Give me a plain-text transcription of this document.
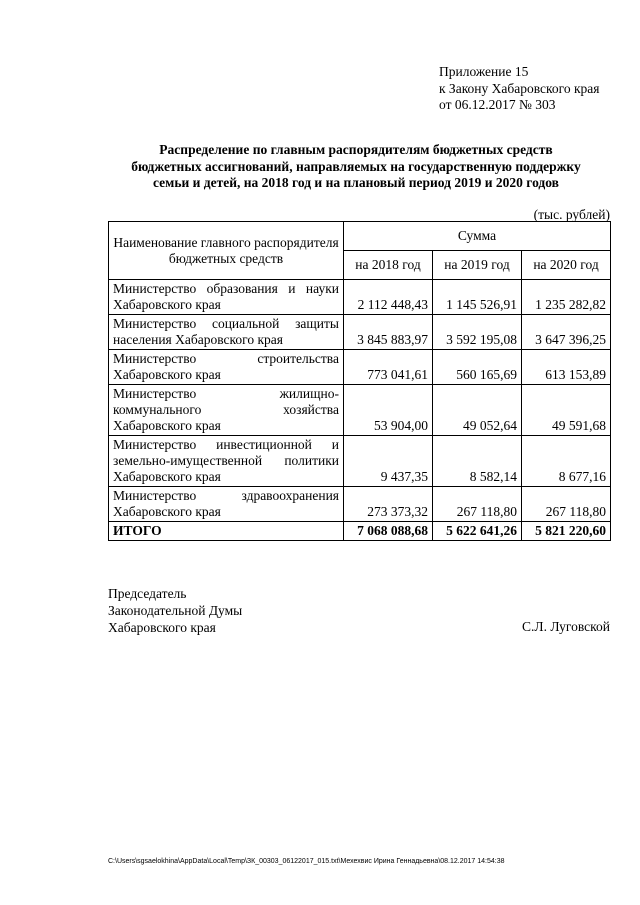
Приложение 15
к Закону Хабаровского края
от 06.12.2017 № 303
Распределение по главным распорядителям бюджетных средств
бюджетных ассигнований, направляемых на государственную поддержку
семьи и детей, на 2018 год и на плановый период 2019 и 2020 годов
(тыс. рублей)
Наименование главного распорядителя бюджетных средств	Сумма		
	на 2018 год	на 2019 год	на 2020 год
Министерство образования и науки Хабаровского края	2 112 448,43	1 145 526,91	1 235 282,82
Министерство социальной защиты населения Хабаровского края	3 845 883,97	3 592 195,08	3 647 396,25
Министерство строительства Хабаровского края	773 041,61	560 165,69	613 153,89
Министерство жилищно-коммунального хозяйства Хабаровского края	53 904,00	49 052,64	49 591,68
Министерство инвестиционной и земельно-имущественной политики Хабаровского края	9 437,35	8 582,14	8 677,16
Министерство здравоохранения Хабаровского края	273 373,32	267 118,80	267 118,80
ИТОГО	7 068 088,68	5 622 641,26	5 821 220,60
Председатель
Законодательной Думы
Хабаровского края	С.Л. Луговской
C:\Users\sgsaelokhina\AppData\Local\Temp\ЗК_00303_06122017_015.txt\Мехехвис Ирина Геннадьевна\08.12.2017 14:54:38
